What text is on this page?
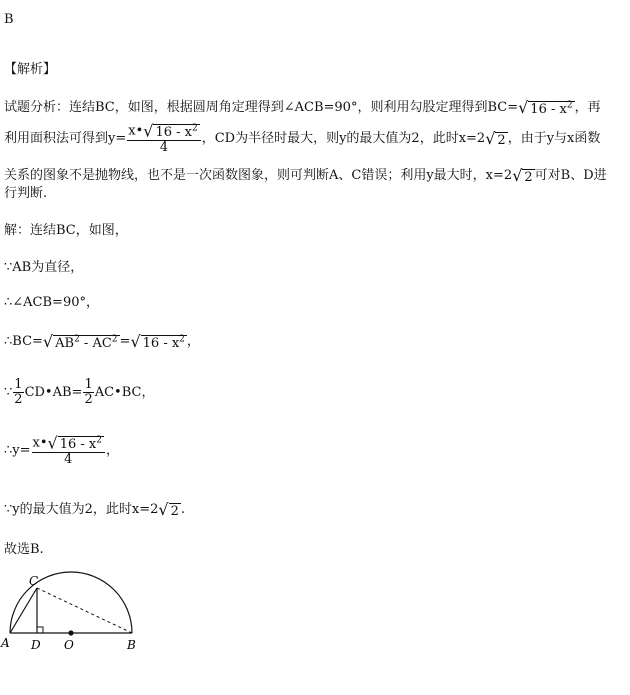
B
【解析】
试题分析：连结BC，如图，根据圆周角定理得到∠ACB=90°，则利用勾股定理得到BC=√ $16 - x^2$ ，再
利用面积法可得到$y= \frac{x•√ 16 - x^2}{4}$ ，CD为半径时最大，则y的最大值为2，此时x=2√ 2 ，由于y与x函数
关系的图象不是抛物线，也不是一次函数图象，则可判断A、C错误；利用y最大时，x=2√ 2 可对B、D进
行判断.
解：连结BC，如图，
∵AB为直径，
∴∠ACB=90°，
∴BC=√ $AB^2 - AC^2$ =√ $16 - x^2$ ，
∵ $\frac{1}{2}$ CD•AB= $\frac{1}{2}$ AC•BC，
∴y= $\frac{x•√ 16 - x^2}{4}$ ，
∵y的最大值为2，此时x=2√ 2 .
故选B.
C
A D O	B
